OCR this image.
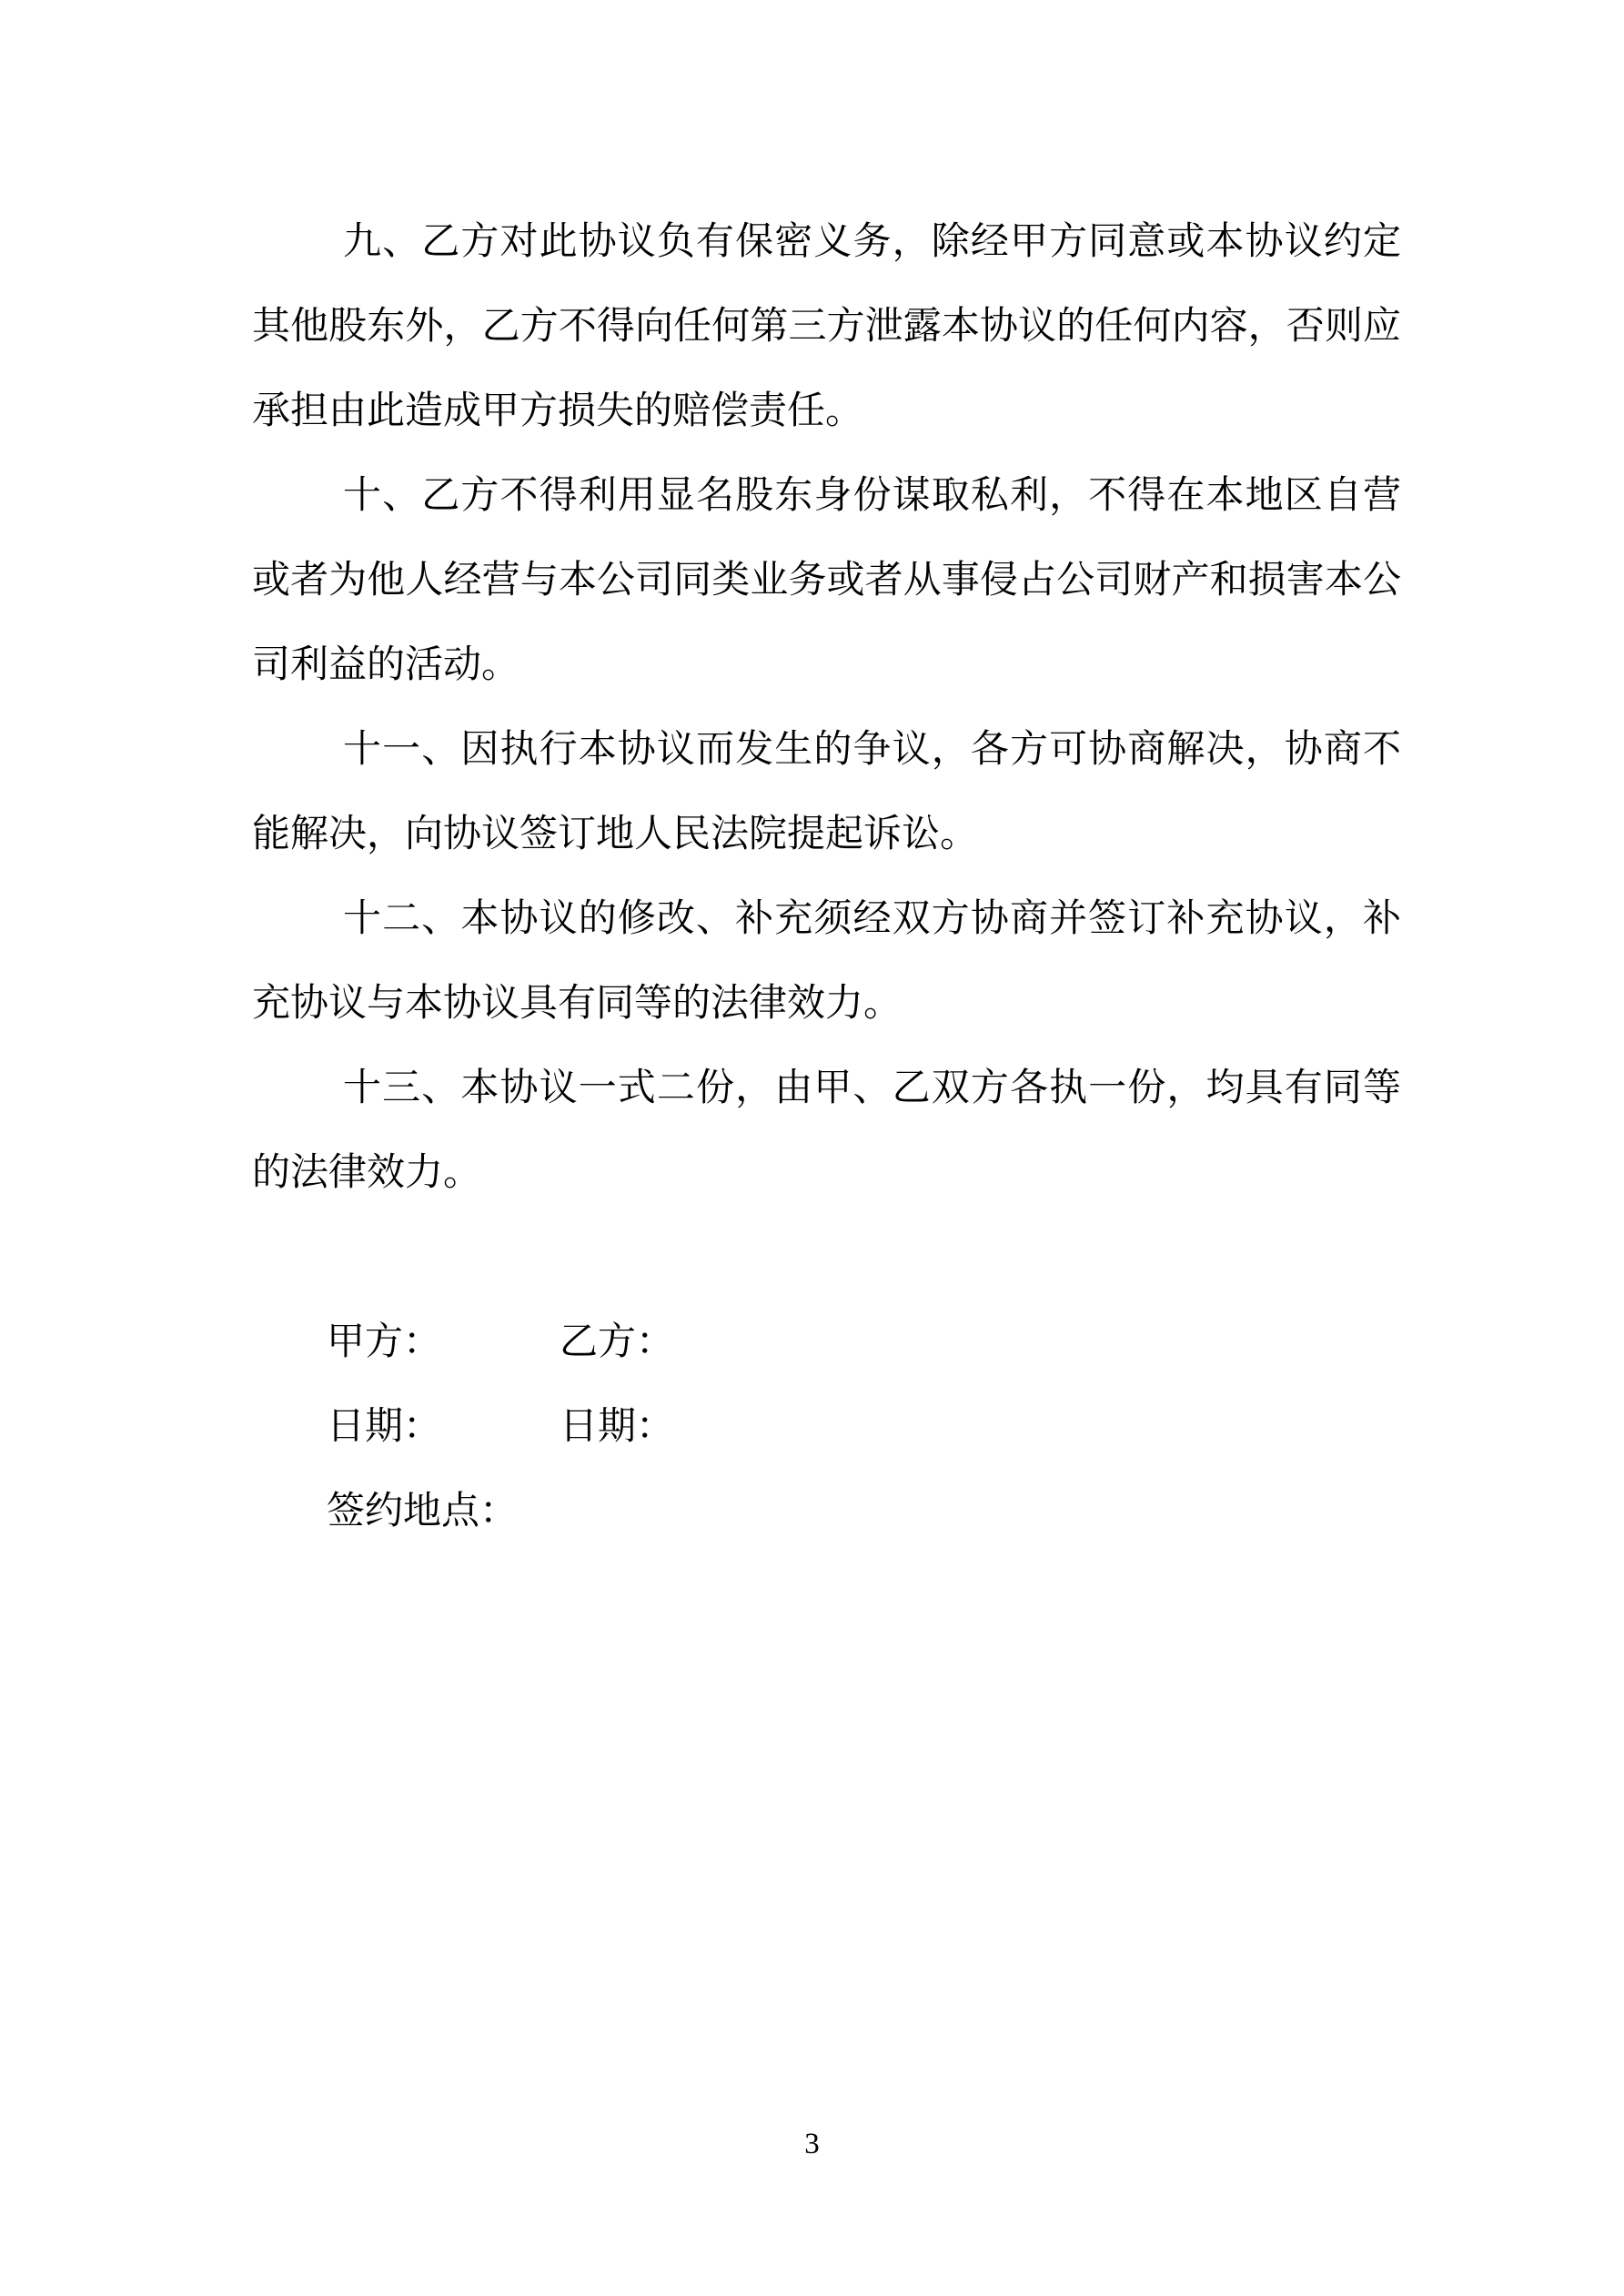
九、乙方对此协议负有保密义务，除经甲方同意或本协议约定其他股东外，乙方不得向任何第三方泄露本协议的任何内容，否则应承担由此造成甲方损失的赔偿责任。

十、乙方不得利用显名股东身份谋取私利，不得在本地区自营或者为他人经营与本公司同类业务或者从事侵占公司财产和损害本公司利益的活动。

十一、因执行本协议而发生的争议，各方可协商解决，协商不能解决，向协议签订地人民法院提起诉讼。

十二、本协议的修改、补充须经双方协商并签订补充协议，补充协议与本协议具有同等的法律效力。

十三、本协议一式二份，由甲、乙双方各执一份，均具有同等的法律效力。

甲方：	乙方：
日期：	日期：
签约地点：
3
